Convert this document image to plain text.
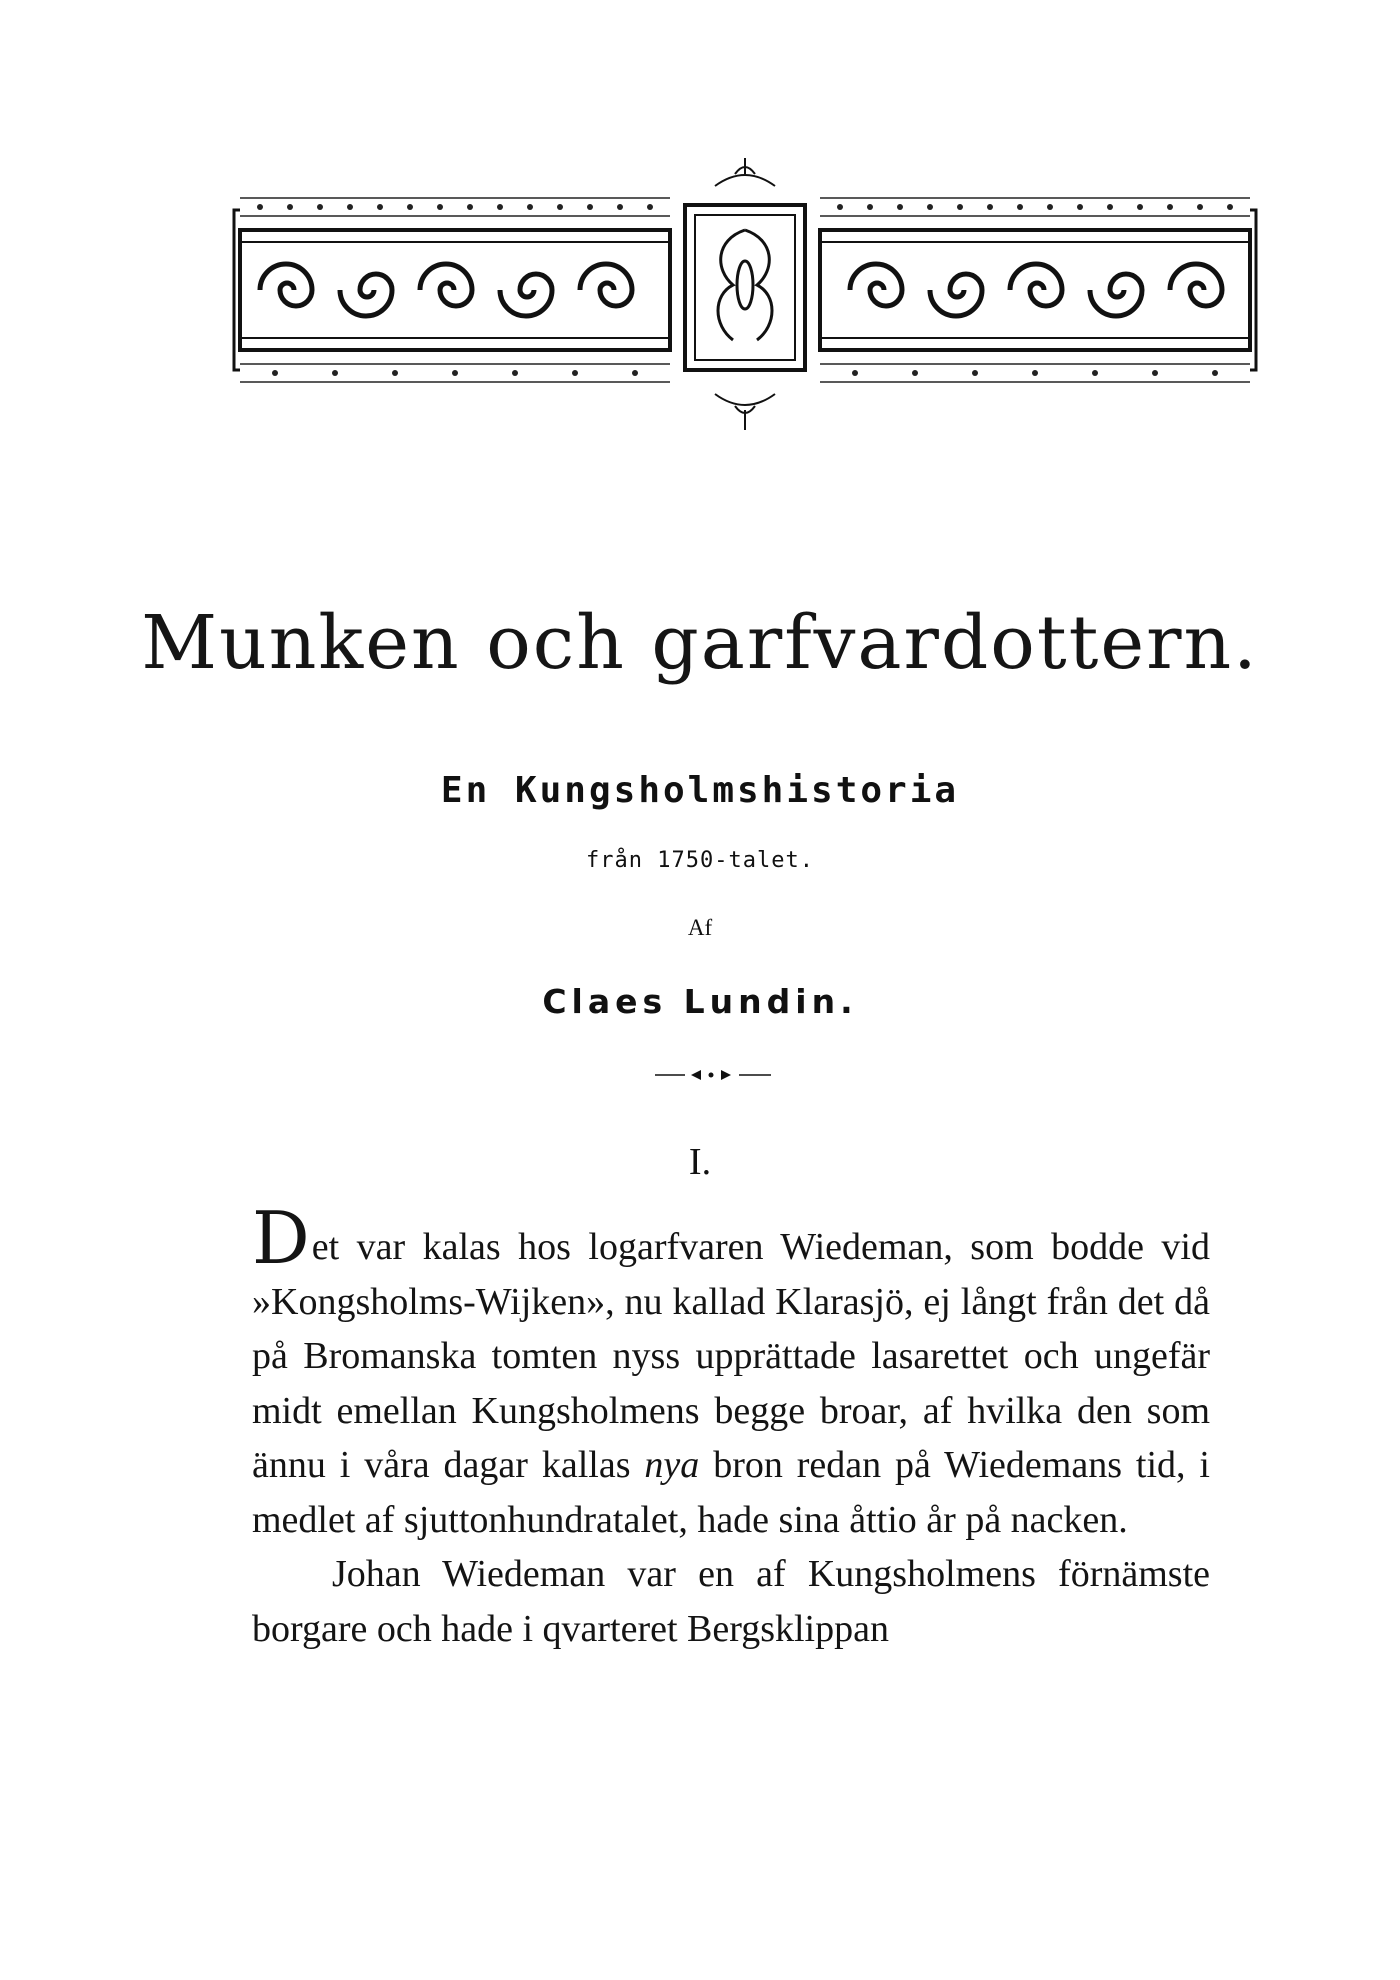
Munken och garfvardottern.
En Kungsholmshistoria
från 1750-talet.
Af
Claes Lundin.
I.

Det var kalas hos logarfvaren Wiedeman, som bodde vid »Kongsholms-Wijken», nu kallad Klarasjö, ej långt från det då på Bromanska tomten nyss upprättade lasarettet och ungefär midt emellan Kungsholmens begge broar, af hvilka den som ännu i våra dagar kallas nya bron redan på Wiedemans tid, i medlet af sjuttonhundratalet, hade sina åttio år på nacken.

Johan Wiedeman var en af Kungsholmens förnämste borgare och hade i qvarteret Bergsklippan
